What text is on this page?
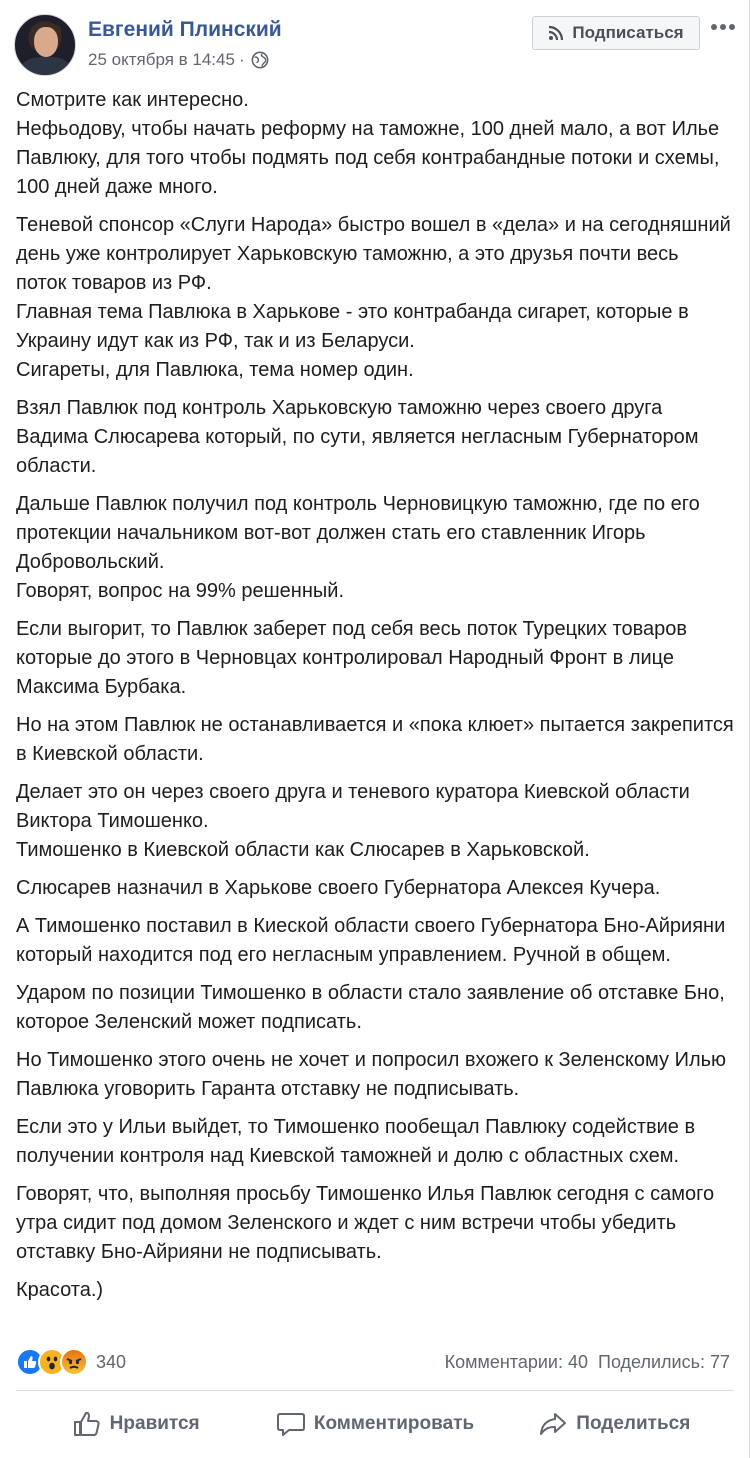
Евгений Плинский
25 октября в 14:45 ·
Подписаться

Смотрите как интересно.
Нефьодову, чтобы начать реформу на таможне, 100 дней мало, а вот Илье Павлюку, для того чтобы подмять под себя контрабандные потоки и схемы, 100 дней даже много.

Теневой спонсор «Слуги Народа» быстро вошел в «дела» и на сегодняшний день уже контролирует Харьковскую таможню, а это друзья почти весь поток товаров из РФ.
Главная тема Павлюка в Харькове - это контрабанда сигарет, которые в Украину идут как из РФ, так и из Беларуси.
Сигареты, для Павлюка, тема номер один.

Взял Павлюк под контроль Харьковскую таможню через своего друга Вадима Слюсарева который, по сути, является негласным Губернатором области.

Дальше Павлюк получил под контроль Черновицкую таможню, где по его протекции начальником вот-вот должен стать его ставленник Игорь Добровольский.
Говорят, вопрос на 99% решенный.

Если выгорит, то Павлюк заберет под себя весь поток Турецких товаров которые до этого в Черновцах контролировал Народный Фронт в лице Максима Бурбака.

Но на этом Павлюк не останавливается и «пока клюет» пытается закрепится в Киевской области.

Делает это он через своего друга и теневого куратора Киевской области Виктора Тимошенко.
Тимошенко в Киевской области как Слюсарев в Харьковской.

Слюсарев назначил в Харькове своего Губернатора Алексея Кучера.

А Тимошенко поставил в Киеской области своего Губернатора Бно-Айрияни который находится под его негласным управлением. Ручной в общем.

Ударом по позиции Тимошенко в области стало заявление об отставке Бно, которое Зеленский может подписать.

Но Тимошенко этого очень не хочет и попросил вхожего к Зеленскому Илью Павлюка уговорить Гаранта отставку не подписывать.

Если это у Ильи выйдет, то Тимошенко пообещал Павлюку содействие в получении контроля над Киевской таможней и долю с областных схем.

Говорят, что, выполняя просьбу Тимошенко Илья Павлюк сегодня с самого утра сидит под домом Зеленского и ждет с ним встречи чтобы убедить отставку Бно-Айрияни не подписывать.

Красота.)

340	Комментарии: 40 Поделились: 77
Нравится	Комментировать	Поделиться
